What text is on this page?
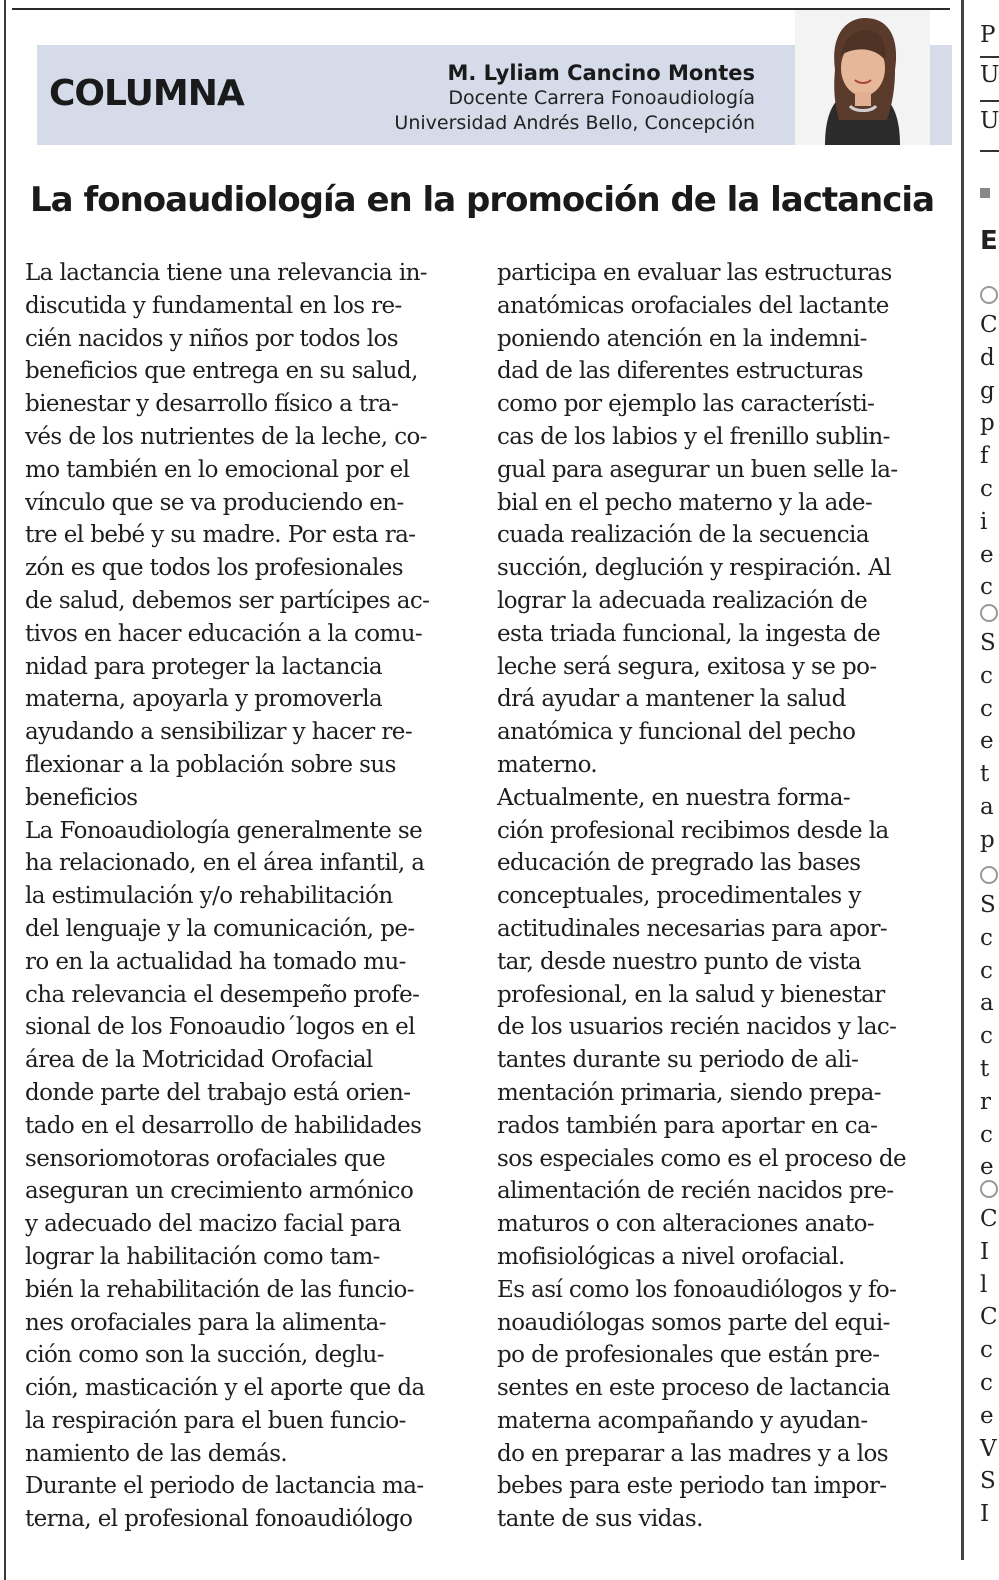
COLUMNA	M. Lyliam Cancino Montes
Docente Carrera Fonoaudiología
Universidad Andrés Bello, Concepción
La fonoaudiología en la promoción de la lactancia
La lactancia tiene una relevancia in-
discutida y fundamental en los re-
cién nacidos y niños por todos los
beneficios que entrega en su salud,
bienestar y desarrollo físico a tra-
vés de los nutrientes de la leche, co-
mo también en lo emocional por el
vínculo que se va produciendo en-
tre el bebé y su madre. Por esta ra-
zón es que todos los profesionales
de salud, debemos ser partícipes ac-
tivos en hacer educación a la comu-
nidad para proteger la lactancia
materna, apoyarla y promoverla
ayudando a sensibilizar y hacer re-
flexionar a la población sobre sus
beneficios
La Fonoaudiología generalmente se
ha relacionado, en el área infantil, a
la estimulación y/o rehabilitación
del lenguaje y la comunicación, pe-
ro en la actualidad ha tomado mu-
cha relevancia el desempeño profe-
sional de los Fonoaudio´logos en el
área de la Motricidad Orofacial
donde parte del trabajo está orien-
tado en el desarrollo de habilidades
sensoriomotoras orofaciales que
aseguran un crecimiento armónico
y adecuado del macizo facial para
lograr la habilitación como tam-
bién la rehabilitación de las funcio-
nes orofaciales para la alimenta-
ción como son la succión, deglu-
ción, masticación y el aporte que da
la respiración para el buen funcio-
namiento de las demás.
Durante el periodo de lactancia ma-
terna, el profesional fonoaudiólogo
participa en evaluar las estructuras
anatómicas orofaciales del lactante
poniendo atención en la indemni-
dad de las diferentes estructuras
como por ejemplo las característi-
cas de los labios y el frenillo sublin-
gual para asegurar un buen selle la-
bial en el pecho materno y la ade-
cuada realización de la secuencia
succión, deglución y respiración. Al
lograr la adecuada realización de
esta triada funcional, la ingesta de
leche será segura, exitosa y se po-
drá ayudar a mantener la salud
anatómica y funcional del pecho
materno.
Actualmente, en nuestra forma-
ción profesional recibimos desde la
educación de pregrado las bases
conceptuales, procedimentales y
actitudinales necesarias para apor-
tar, desde nuestro punto de vista
profesional, en la salud y bienestar
de los usuarios recién nacidos y lac-
tantes durante su periodo de ali-
mentación primaria, siendo prepa-
rados también para aportar en ca-
sos especiales como es el proceso de
alimentación de recién nacidos pre-
maturos o con alteraciones anato-
mofisiológicas a nivel orofacial.
Es así como los fonoaudiólogos y fo-
noaudiólogas somos parte del equi-
po de profesionales que están pre-
sentes en este proceso de lactancia
materna acompañando y ayudan-
do en preparar a las madres y a los
bebes para este periodo tan impor-
tante de sus vidas.
P
U
U
E
C
d
g
p
f
c
i
e
c
S
c
c
e
t
a
p
S
c
c
a
c
t
r
c
e
C
I
l
C
c
c
e
V
S
I
